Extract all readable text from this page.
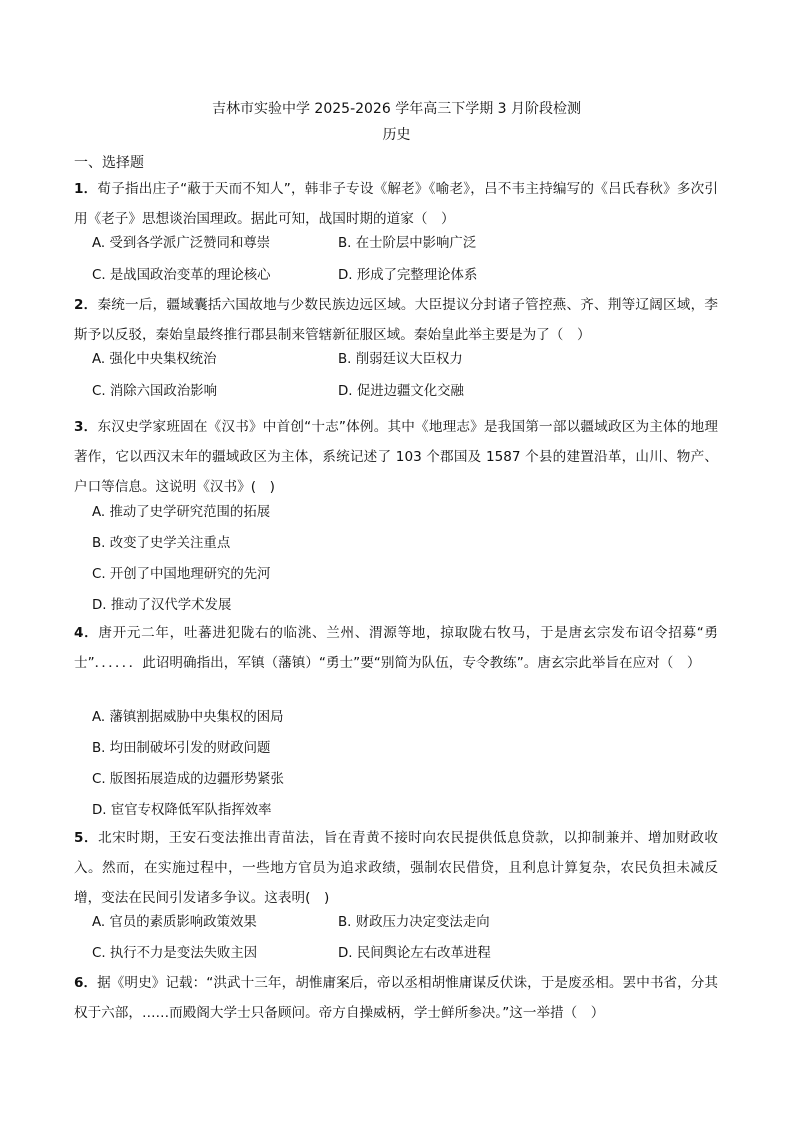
吉林市实验中学 2025-2026 学年高三下学期 3 月阶段检测
历史
一、选择题
1．荀子指出庄子“蔽于天而不知人”，韩非子专设《解老》《喻老》，吕不韦主持编写的《吕氏春秋》多次引用《老子》思想谈治国理政。据此可知，战国时期的道家（　）
A. 受到各学派广泛赞同和尊崇	B. 在士阶层中影响广泛
C. 是战国政治变革的理论核心	D. 形成了完整理论体系
2．秦统一后，疆域囊括六国故地与少数民族边远区域。大臣提议分封诸子管控燕、齐、荆等辽阔区域，李斯予以反驳，秦始皇最终推行郡县制来管辖新征服区域。秦始皇此举主要是为了（　）
A. 强化中央集权统治	B. 削弱廷议大臣权力
C. 消除六国政治影响	D. 促进边疆文化交融
3．东汉史学家班固在《汉书》中首创“十志”体例。其中《地理志》是我国第一部以疆域政区为主体的地理著作，它以西汉末年的疆域政区为主体，系统记述了 103 个郡国及 1587 个县的建置沿革，山川、物产、户口等信息。这说明《汉书》(　)
A. 推动了史学研究范围的拓展
B. 改变了史学关注重点
C. 开创了中国地理研究的先河
D. 推动了汉代学术发展
4．唐开元二年，吐蕃进犯陇右的临洮、兰州、渭源等地，掠取陇右牧马，于是唐玄宗发布诏令招募“勇士”．．．．．．此诏明确指出，军镇（藩镇）“勇士”要“别简为队伍，专令教练”。唐玄宗此举旨在应对（　）
A. 藩镇割据威胁中央集权的困局
B. 均田制破坏引发的财政问题
C. 版图拓展造成的边疆形势紧张
D. 宦官专权降低军队指挥效率
5．北宋时期，王安石变法推出青苗法，旨在青黄不接时向农民提供低息贷款，以抑制兼并、增加财政收入。然而，在实施过程中，一些地方官员为追求政绩，强制农民借贷，且利息计算复杂，农民负担未减反增，变法在民间引发诸多争议。这表明(　)
A. 官员的素质影响政策效果	B. 财政压力决定变法走向
C. 执行不力是变法失败主因	D. 民间舆论左右改革进程
6．据《明史》记载：“洪武十三年，胡惟庸案后，帝以丞相胡惟庸谋反伏诛，于是废丞相。罢中书省，分其权于六部，……而殿阁大学士只备顾问。帝方自操威柄，学士鲜所参决。”这一举措（　）
